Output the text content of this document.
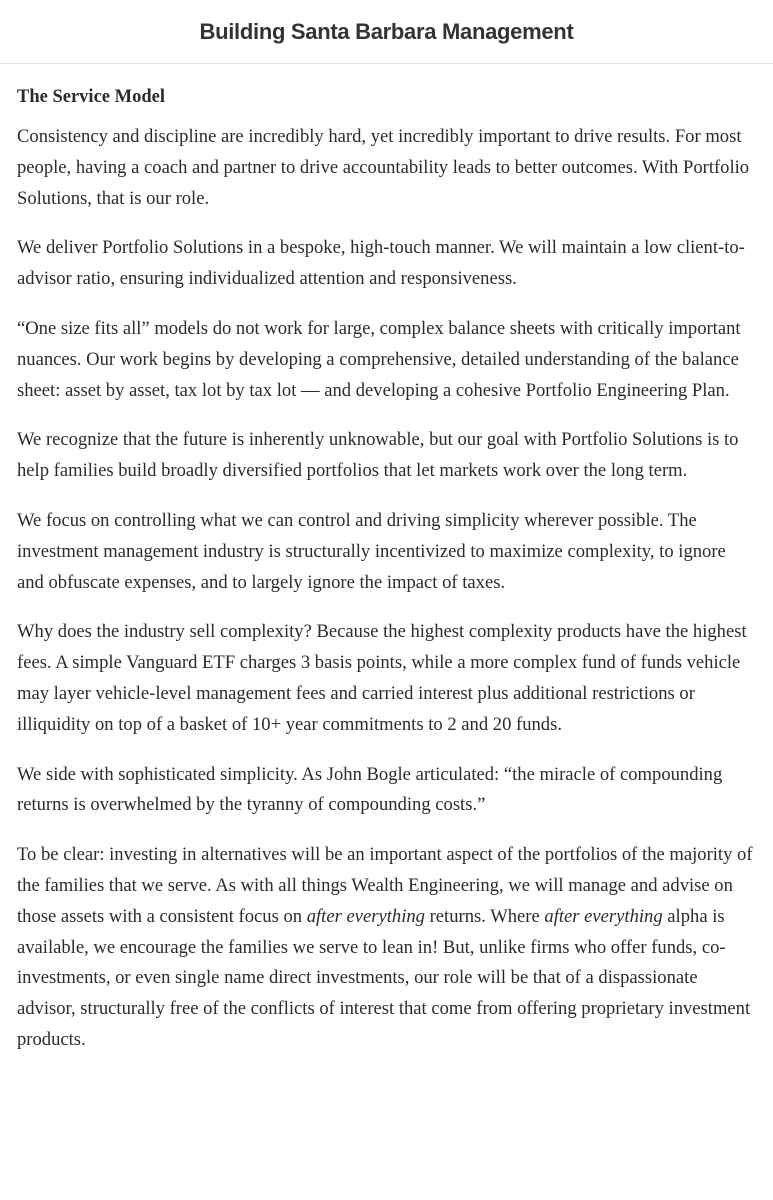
Building Santa Barbara Management
The Service Model

Consistency and discipline are incredibly hard, yet incredibly important to drive results. For most people, having a coach and partner to drive accountability leads to better outcomes. With Portfolio Solutions, that is our role.

We deliver Portfolio Solutions in a bespoke, high-touch manner. We will maintain a low client-to-advisor ratio, ensuring individualized attention and responsiveness.

“One size fits all” models do not work for large, complex balance sheets with critically important nuances. Our work begins by developing a comprehensive, detailed understanding of the balance sheet: asset by asset, tax lot by tax lot — and developing a cohesive Portfolio Engineering Plan.

We recognize that the future is inherently unknowable, but our goal with Portfolio Solutions is to help families build broadly diversified portfolios that let markets work over the long term.

We focus on controlling what we can control and driving simplicity wherever possible. The investment management industry is structurally incentivized to maximize complexity, to ignore and obfuscate expenses, and to largely ignore the impact of taxes.

Why does the industry sell complexity? Because the highest complexity products have the highest fees. A simple Vanguard ETF charges 3 basis points, while a more complex fund of funds vehicle may layer vehicle-level management fees and carried interest plus additional restrictions or illiquidity on top of a basket of 10+ year commitments to 2 and 20 funds.

We side with sophisticated simplicity. As John Bogle articulated: “the miracle of compounding returns is overwhelmed by the tyranny of compounding costs.”

To be clear: investing in alternatives will be an important aspect of the portfolios of the majority of the families that we serve. As with all things Wealth Engineering, we will manage and advise on those assets with a consistent focus on after everything returns. Where after everything alpha is available, we encourage the families we serve to lean in! But, unlike firms who offer funds, co-investments, or even single name direct investments, our role will be that of a dispassionate advisor, structurally free of the conflicts of interest that come from offering proprietary investment products.
